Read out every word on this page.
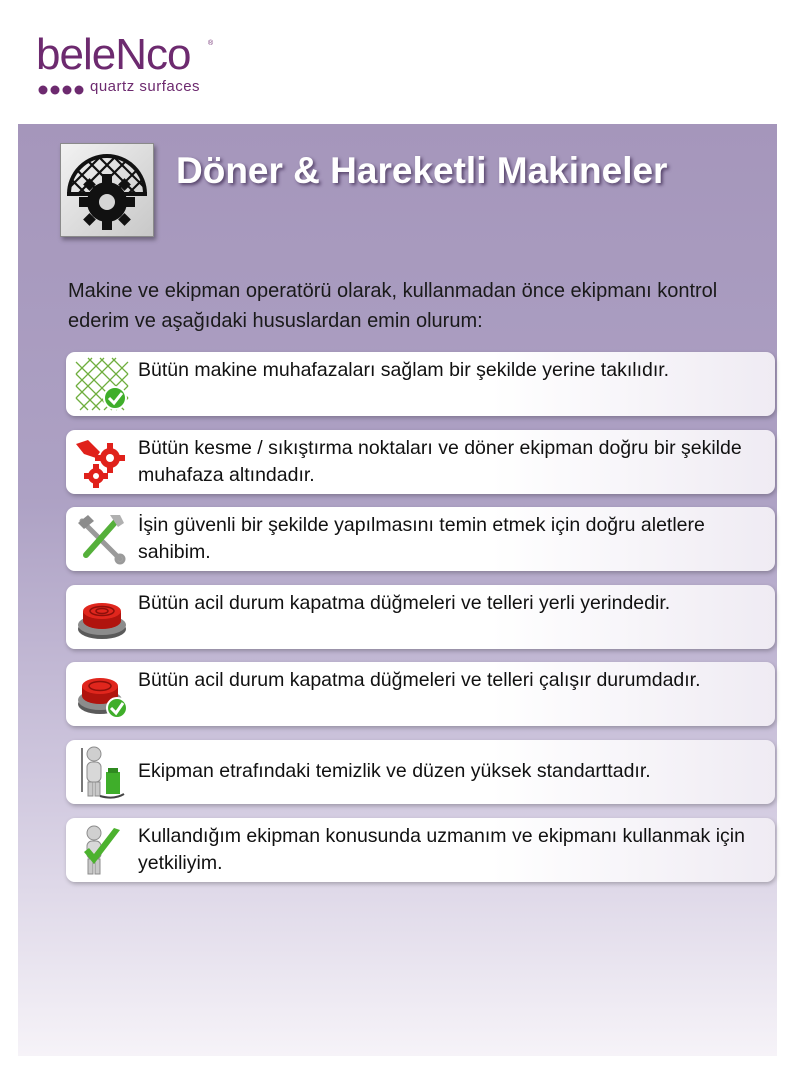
beleNco	®
quartz surfaces
Döner & Hareketli Makineler
Makine ve ekipman operatörü olarak, kullanmadan önce ekipmanı kontrol ederim ve aşağıdaki hususlardan emin olurum:
Bütün makine muhafazaları sağlam bir şekilde yerine takılıdır.
Bütün kesme / sıkıştırma noktaları ve döner ekipman doğru bir şekilde muhafaza altındadır.
İşin güvenli bir şekilde yapılmasını temin etmek için doğru aletlere sahibim.
Bütün acil durum kapatma düğmeleri ve telleri yerli yerindedir.
Bütün acil durum kapatma düğmeleri ve telleri çalışır durumdadır.
Ekipman etrafındaki temizlik ve düzen yüksek standarttadır.
Kullandığım ekipman konusunda uzmanım ve ekipmanı kullanmak için yetkiliyim.
